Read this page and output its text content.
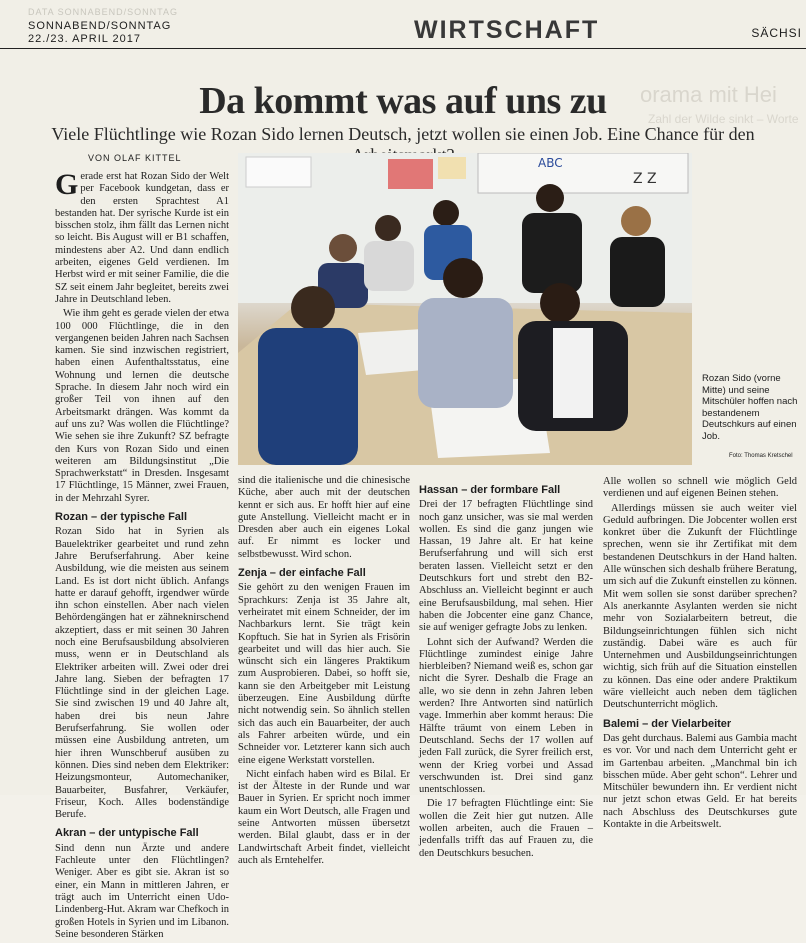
DATA SONNABEND/SONNTAG
SONNABEND/SONNTAG
22./23. APRIL 2017	WIRTSCHAFT	SÄCHSI
orama mit Hei
Zahl der Wilde sinkt – Worte
Da kommt was auf uns zu
Viele Flüchtlinge wie Rozan Sido lernen Deutsch, jetzt wollen sie einen Job. Eine Chance für den
VON OLAF KITTEL	ABC
Z Z
Rozan Sido (vorne Mitte) und seine Mitschüler hoffen nach bestandenem Deutschkurs auf einen Job.
Foto: Thomas Kretschel

Gerade erst hat Rozan Sido der Welt per Facebook kundgetan, dass er den ersten Sprachtest A1 bestanden hat. Der syrische Kurde ist ein bisschen stolz, ihm fällt das Lernen nicht so leicht. Bis August will er B1 schaffen, mindestens aber A2. Und dann endlich arbeiten, eigenes Geld verdienen. Im Herbst wird er mit seiner Familie, die die SZ seit einem Jahr begleitet, bereits zwei Jahre in Deutschland leben.

Wie ihm geht es gerade vielen der etwa 100 000 Flüchtlinge, die in den vergangenen beiden Jahren nach Sachsen kamen. Sie sind inzwischen registriert, haben einen Aufenthaltsstatus, eine Wohnung und lernen die deutsche Sprache. In diesem Jahr noch wird ein großer Teil von ihnen auf den Arbeitsmarkt drängen. Was kommt da auf uns zu? Was wollen die Flüchtlinge? Wie sehen sie ihre Zukunft? SZ befragte den Kurs von Rozan Sido und einen weiteren am Bildungsinstitut „Die Sprachwerkstatt“ in Dresden. Insgesamt 17 Flüchtlinge, 15 Männer, zwei Frauen, in der Mehrzahl Syrer.

Rozan – der typische Fall

Rozan Sido hat in Syrien als Bauelektriker gearbeitet und rund zehn Jahre Berufserfahrung. Aber keine Ausbildung, wie die meisten aus seinem Land. Es ist dort nicht üblich. Anfangs hatte er darauf gehofft, irgendwer würde ihn schon einstellen. Aber nach vielen Behördengängen hat er zähneknirschend akzeptiert, dass er mit seinen 30 Jahren noch eine Berufsausbildung absolvieren muss, wenn er in Deutschland als Elektriker arbeiten will. Zwei oder drei Jahre lang. Sieben der befragten 17 Flüchtlinge sind in der gleichen Lage. Sie sind zwischen 19 und 40 Jahre alt, haben drei bis neun Jahre Berufserfahrung. Sie wollen oder müssen eine Ausbildung antreten, um hier ihren Wunschberuf ausüben zu können. Dies sind neben dem Elektriker: Heizungsmonteur, Automechaniker, Bauarbeiter, Busfahrer, Verkäufer, Friseur, Koch. Alles bodenständige Berufe.

Akran – der untypische Fall

Sind denn nun Ärzte und andere Fachleute unter den Flüchtlingen? Weniger. Aber es gibt sie. Akran ist so einer, ein Mann in mittleren Jahren, er trägt auch im Unterricht einen Udo-Lindenberg-Hut. Akram war Chefkoch in großen Hotels in Syrien und im Libanon. Seine besonderen Stärken

sind die italienische und die chinesische Küche, aber auch mit der deutschen kennt er sich aus. Er hofft hier auf eine gute Anstellung. Vielleicht macht er in Dresden aber auch ein eigenes Lokal auf. Er nimmt es locker und selbstbewusst. Wird schon.

Zenja – der einfache Fall

Sie gehört zu den wenigen Frauen im Sprachkurs: Zenja ist 35 Jahre alt, verheiratet mit einem Schneider, der im Nachbarkurs lernt. Sie trägt kein Kopftuch. Sie hat in Syrien als Frisörin gearbeitet und will das hier auch. Sie wünscht sich ein längeres Praktikum zum Ausprobieren. Dabei, so hofft sie, kann sie den Arbeitgeber mit Leistung überzeugen. Eine Ausbildung dürfte nicht notwendig sein. So ähnlich stellen sich das auch ein Bauarbeiter, der auch als Fahrer arbeiten würde, und ein Schneider vor. Letzterer kann sich auch eine eigene Werkstatt vorstellen.

Nicht einfach haben wird es Bilal. Er ist der Älteste in der Runde und war Bauer in Syrien. Er spricht noch immer kaum ein Wort Deutsch, alle Fragen und seine Antworten müssen übersetzt werden. Bilal glaubt, dass er in der Landwirtschaft Arbeit findet, vielleicht auch als Erntehelfer.

Hassan – der formbare Fall

Drei der 17 befragten Flüchtlinge sind noch ganz unsicher, was sie mal werden wollen. Es sind die ganz jungen wie Hassan, 19 Jahre alt. Er hat keine Berufserfahrung und will sich erst beraten lassen. Vielleicht setzt er den Deutschkurs fort und strebt den B2-Abschluss an. Vielleicht beginnt er auch eine Berufsausbildung, mal sehen. Hier haben die Jobcenter eine ganz Chance, sie auf weniger gefragte Jobs zu lenken.

Lohnt sich der Aufwand? Werden die Flüchtlinge zumindest einige Jahre hierbleiben? Niemand weiß es, schon gar nicht die Syrer. Deshalb die Frage an alle, wo sie denn in zehn Jahren leben werden? Ihre Antworten sind natürlich vage. Immerhin aber kommt heraus: Die Hälfte träumt von einem Leben in Deutschland. Sechs der 17 wollen auf jeden Fall zurück, die Syrer freilich erst, wenn der Krieg vorbei und Assad verschwunden ist. Drei sind ganz unentschlossen.

Die 17 befragten Flüchtlinge eint: Sie wollen die Zeit hier gut nutzen. Alle wollen arbeiten, auch die Frauen – jedenfalls trifft das auf Frauen zu, die den Deutschkurs besuchen.

Alle wollen so schnell wie möglich Geld verdienen und auf eigenen Beinen stehen.

Allerdings müssen sie auch weiter viel Geduld aufbringen. Die Jobcenter wollen erst konkret über die Zukunft der Flüchtlinge sprechen, wenn sie ihr Zertifikat mit dem bestandenen Deutschkurs in der Hand halten. Alle wünschen sich deshalb frühere Beratung, um sich auf die Zukunft einstellen zu können. Mit wem sollen sie sonst darüber sprechen? Als anerkannte Asylanten werden sie nicht mehr von Sozialarbeitern betreut, die Bildungseinrichtungen fühlen sich nicht zuständig. Dabei wäre es auch für Unternehmen und Ausbildungseinrichtungen wichtig, sich früh auf die Situation einstellen zu können. Das eine oder andere Praktikum wäre vielleicht auch neben dem täglichen Deutschunterricht möglich.

Balemi – der Vielarbeiter

Das geht durchaus. Balemi aus Gambia macht es vor. Vor und nach dem Unterricht geht er im Gartenbau arbeiten. „Manchmal bin ich bisschen müde. Aber geht schon“. Lehrer und Mitschüler bewundern ihn. Er verdient nicht nur jetzt schon etwas Geld. Er hat bereits nach Abschluss des Deutschkurses gute Kontakte in die Arbeitswelt.
